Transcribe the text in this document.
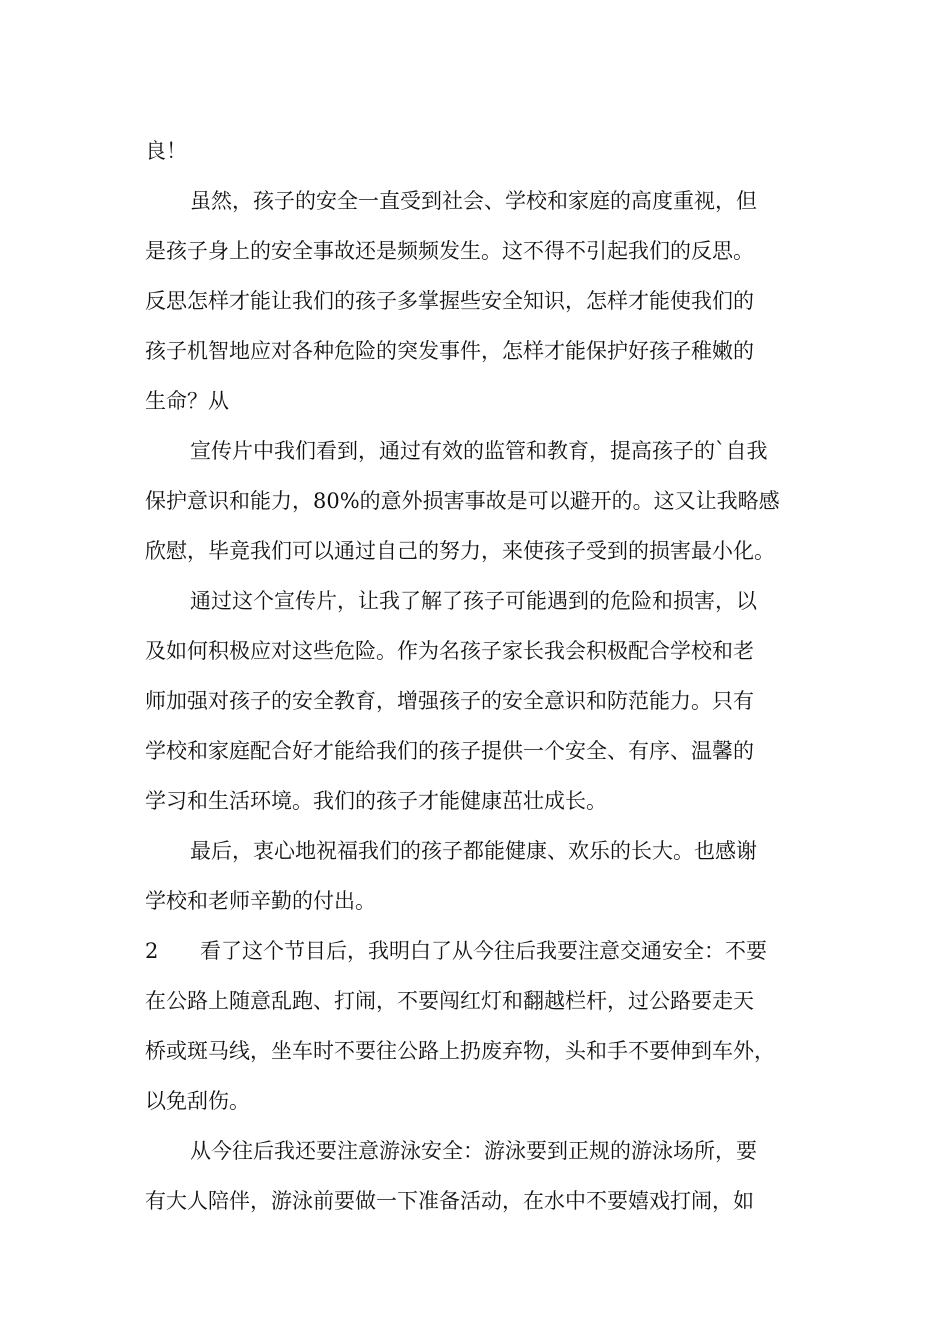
良！
虽然，孩子的安全一直受到社会、学校和家庭的高度重视，但
是孩子身上的安全事故还是频频发生。这不得不引起我们的反思。
反思怎样才能让我们的孩子多掌握些安全知识，怎样才能使我们的
孩子机智地应对各种危险的突发事件，怎样才能保护好孩子稚嫩的
生命？从
宣传片中我们看到，通过有效的监管和教育，提高孩子的`自我
保护意识和能力，80%的意外损害事故是可以避开的。这又让我略感
欣慰，毕竟我们可以通过自己的努力，来使孩子受到的损害最小化。
通过这个宣传片，让我了解了孩子可能遇到的危险和损害，以
及如何积极应对这些危险。作为名孩子家长我会积极配合学校和老
师加强对孩子的安全教育，增强孩子的安全意识和防范能力。只有
学校和家庭配合好才能给我们的孩子提供一个安全、有序、温馨的
学习和生活环境。我们的孩子才能健康茁壮成长。
最后，衷心地祝福我们的孩子都能健康、欢乐的长大。也感谢
学校和老师辛勤的付出。
2	看了这个节目后，我明白了从今往后我要注意交通安全：不要
在公路上随意乱跑、打闹，不要闯红灯和翻越栏杆，过公路要走天
桥或斑马线，坐车时不要往公路上扔废弃物，头和手不要伸到车外，
以免刮伤。
从今往后我还要注意游泳安全：游泳要到正规的游泳场所，要
有大人陪伴，游泳前要做一下准备活动，在水中不要嬉戏打闹，如
